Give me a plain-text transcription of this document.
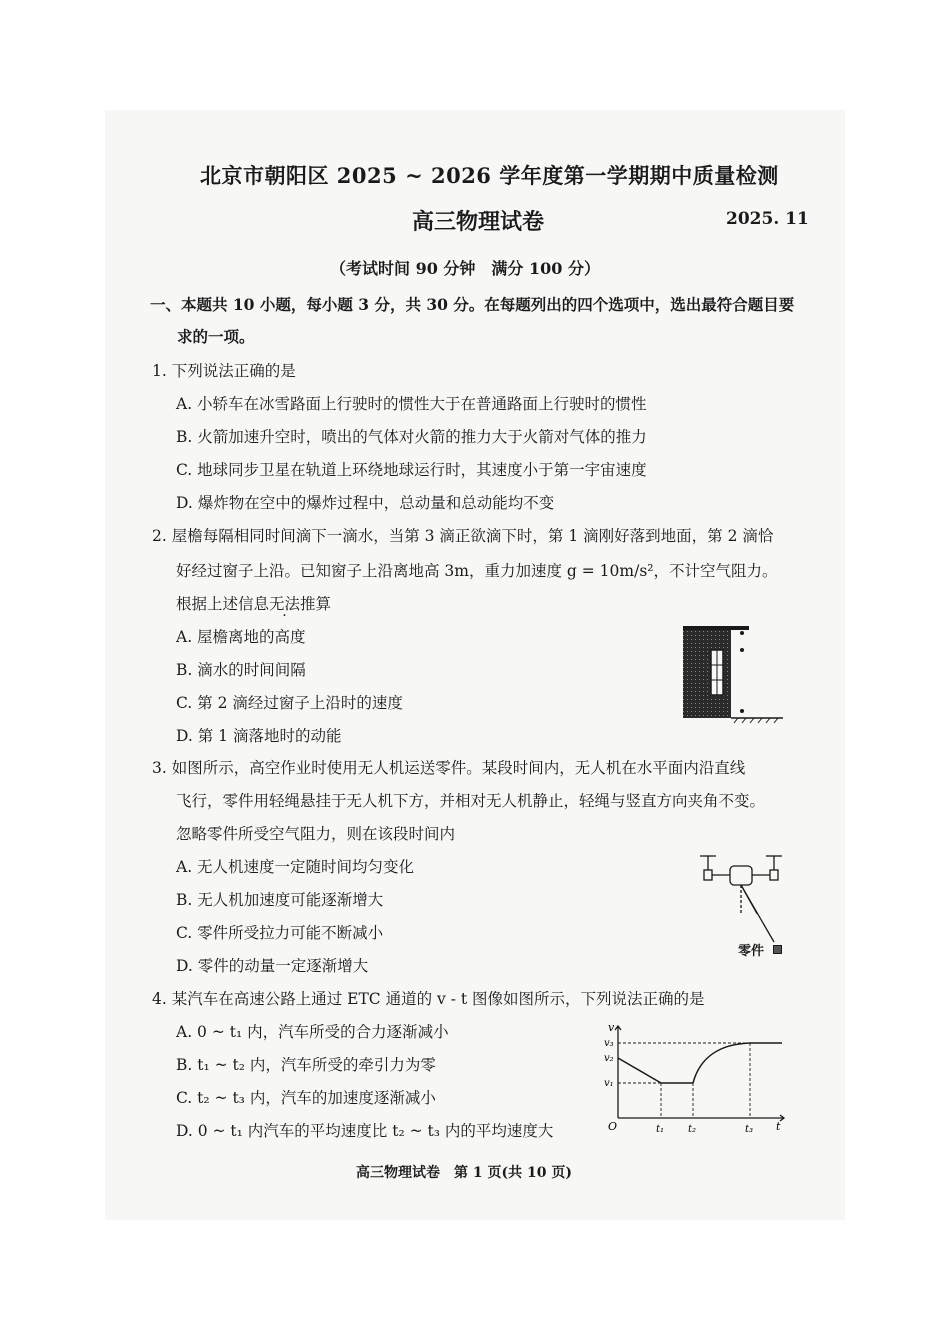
北京市朝阳区 2025 ~ 2026 学年度第一学期期中质量检测
高三物理试卷	2025. 11
（考试时间 90 分钟　满分 100 分）
一、本题共 10 小题，每小题 3 分，共 30 分。在每题列出的四个选项中，选出最符合题目要
求的一项。
1. 下列说法正确的是
A. 小轿车在冰雪路面上行驶时的惯性大于在普通路面上行驶时的惯性
B. 火箭加速升空时，喷出的气体对火箭的推力大于火箭对气体的推力
C. 地球同步卫星在轨道上环绕地球运行时，其速度小于第一宇宙速度
D. 爆炸物在空中的爆炸过程中，总动量和总动能均不变
2. 屋檐每隔相同时间滴下一滴水，当第 3 滴正欲滴下时，第 1 滴刚好落到地面，第 2 滴恰
好经过窗子上沿。已知窗子上沿离地高 3m，重力加速度 g = 10m/s²，不计空气阻力。
根据上述信息无法推算
A. 屋檐离地的高度
B. 滴水的时间间隔
C. 第 2 滴经过窗子上沿时的速度
D. 第 1 滴落地时的动能
3. 如图所示，高空作业时使用无人机运送零件。某段时间内，无人机在水平面内沿直线
飞行，零件用轻绳悬挂于无人机下方，并相对无人机静止，轻绳与竖直方向夹角不变。
忽略零件所受空气阻力，则在该段时间内
A. 无人机速度一定随时间均匀变化
B. 无人机加速度可能逐渐增大
C. 零件所受拉力可能不断减小
D. 零件的动量一定逐渐增大
零件
4. 某汽车在高速公路上通过 ETC 通道的 v - t 图像如图所示，下列说法正确的是
A. 0 ~ t₁ 内，汽车所受的合力逐渐减小
B. t₁ ~ t₂ 内，汽车所受的牵引力为零
C. t₂ ~ t₃ 内，汽车的加速度逐渐减小
D. 0 ~ t₁ 内汽车的平均速度比 t₂ ~ t₃ 内的平均速度大
v
v₃
v₂
v₁
O	t₁ t₂	t₃ t
高三物理试卷　第 1 页(共 10 页)
